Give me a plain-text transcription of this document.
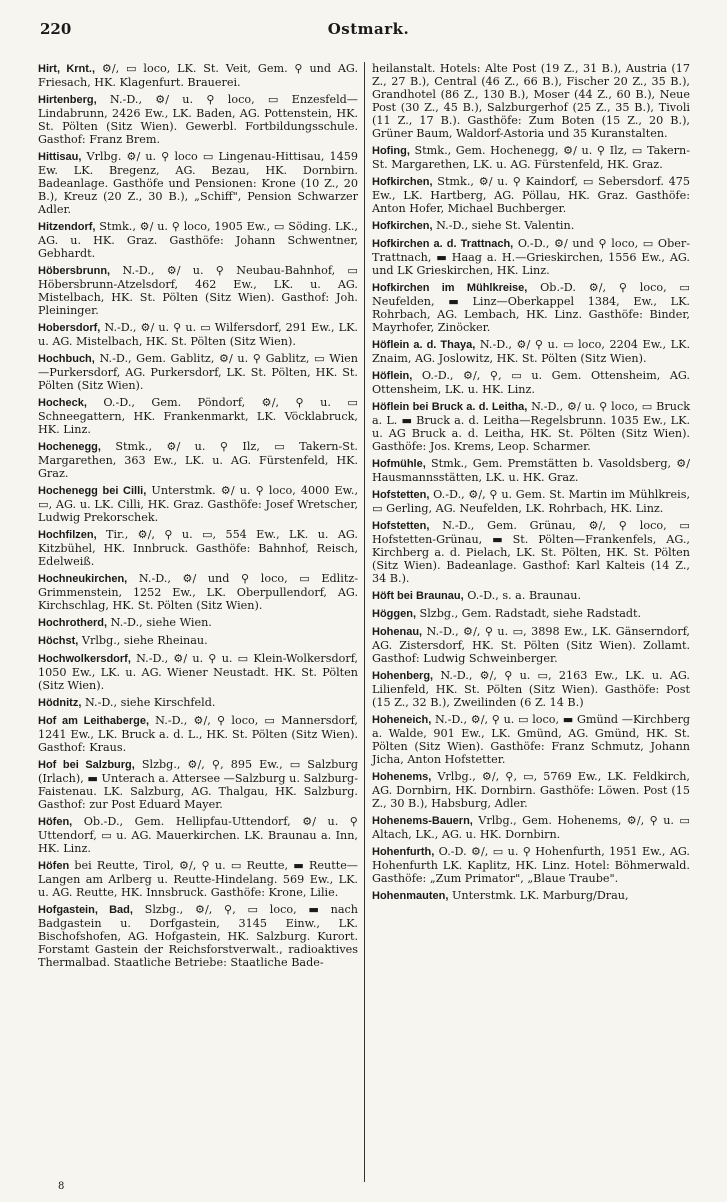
220	Ostmark.

Hirt, Krnt., ⚙/, ▭ loco, LK. St. Veit, Gem. ⚲ und AG. Friesach, HK. Klagenfurt. Brauerei.

Hirtenberg, N.-D., ⚙/ u. ⚲ loco, ▭ Enzesfeld—Lindabrunn, 2426 Ew., LK. Baden, AG. Pottenstein, HK. St. Pölten (Sitz Wien). Gewerbl. Fortbildungsschule. Gasthof: Franz Brem.

Hittisau, Vrlbg. ⚙/ u. ⚲ loco ▭ Lingenau-Hittisau, 1459 Ew. LK. Bregenz, AG. Bezau, HK. Dornbirn. Badeanlage. Gasthöfe und Pensionen: Krone (10 Z., 20 B.), Kreuz (20 Z., 30 B.), „Schiff", Pension Schwarzer Adler.

Hitzendorf, Stmk., ⚙/ u. ⚲ loco, 1905 Ew., ▭ Söding. LK., AG. u. HK. Graz. Gasthöfe: Johann Schwentner, Gebhardt.

Höbersbrunn, N.-D., ⚙/ u. ⚲ Neubau-Bahnhof, ▭ Höbersbrunn-Atzelsdorf, 462 Ew., LK. u. AG. Mistelbach, HK. St. Pölten (Sitz Wien). Gasthof: Joh. Pleininger.

Hobersdorf, N.-D., ⚙/ u. ⚲ u. ▭ Wilfersdorf, 291 Ew., LK. u. AG. Mistelbach, HK. St. Pölten (Sitz Wien).

Hochbuch, N.-D., Gem. Gablitz, ⚙/ u. ⚲ Gablitz, ▭ Wien—Purkersdorf, AG. Purkersdorf, LK. St. Pölten, HK. St. Pölten (Sitz Wien).

Hocheck, O.-D., Gem. Pöndorf, ⚙/, ⚲ u. ▭ Schneegattern, HK. Frankenmarkt, LK. Vöcklabruck, HK. Linz.

Hochenegg, Stmk., ⚙/ u. ⚲ Ilz, ▭ Takern-St. Margarethen, 363 Ew., LK. u. AG. Fürstenfeld, HK. Graz.

Hochenegg bei Cilli, Unterstmk. ⚙/ u. ⚲ loco, 4000 Ew., ▭, AG. u. LK. Cilli, HK. Graz. Gasthöfe: Josef Wretscher, Ludwig Prekorschek.

Hochfilzen, Tir., ⚙/, ⚲ u. ▭, 554 Ew., LK. u. AG. Kitzbühel, HK. Innbruck. Gasthöfe: Bahnhof, Reisch, Edelweiß.

Hochneukirchen, N.-D., ⚙/ und ⚲ loco, ▭ Edlitz-Grimmenstein, 1252 Ew., LK. Oberpullendorf, AG. Kirchschlag, HK. St. Pölten (Sitz Wien).

Hochrotherd, N.-D., siehe Wien.

Höchst, Vrlbg., siehe Rheinau.

Hochwolkersdorf, N.-D., ⚙/ u. ⚲ u. ▭ Klein-Wolkersdorf, 1050 Ew., LK. u. AG. Wiener Neustadt. HK. St. Pölten (Sitz Wien).

Hödnitz, N.-D., siehe Kirschfeld.

Hof am Leithaberge, N.-D., ⚙/, ⚲ loco, ▭ Mannersdorf, 1241 Ew., LK. Bruck a. d. L., HK. St. Pölten (Sitz Wien). Gasthof: Kraus.

Hof bei Salzburg, Slzbg., ⚙/, ⚲, 895 Ew., ▭ Salzburg (Irlach), ▬ Unterach a. Attersee —Salzburg u. Salzburg-Faistenau. LK. Salzburg, AG. Thalgau, HK. Salzburg. Gasthof: zur Post Eduard Mayer.

Höfen, Ob.-D., Gem. Hellipfau-Uttendorf, ⚙/ u. ⚲ Uttendorf, ▭ u. AG. Mauerkirchen. LK. Braunau a. Inn, HK. Linz.

Höfen bei Reutte, Tirol, ⚙/, ⚲ u. ▭ Reutte, ▬ Reutte—Langen am Arlberg u. Reutte-Hindelang. 569 Ew., LK. u. AG. Reutte, HK. Innsbruck. Gasthöfe: Krone, Lilie.

Hofgastein, Bad, Slzbg., ⚙/, ⚲, ▭ loco, ▬ nach Badgastein u. Dorfgastein, 3145 Einw., LK. Bischofshofen, AG. Hofgastein, HK. Salzburg. Kurort. Forstamt Gastein der Reichsforstverwalt., radioaktives Thermalbad. Staatliche Betriebe: Staatliche Bade-

heilanstalt. Hotels: Alte Post (19 Z., 31 B.), Austria (17 Z., 27 B.), Central (46 Z., 66 B.), Fischer 20 Z., 35 B.), Grandhotel (86 Z., 130 B.), Moser (44 Z., 60 B.), Neue Post (30 Z., 45 B.), Salzburgerhof (25 Z., 35 B.), Tivoli (11 Z., 17 B.). Gasthöfe: Zum Boten (15 Z., 20 B.), Grüner Baum, Waldorf-Astoria und 35 Kuranstalten.

Hofing, Stmk., Gem. Hochenegg, ⚙/ u. ⚲ Ilz, ▭ Takern-St. Margarethen, LK. u. AG. Fürstenfeld, HK. Graz.

Hofkirchen, Stmk., ⚙/ u. ⚲ Kaindorf, ▭ Sebersdorf. 475 Ew., LK. Hartberg, AG. Pöllau, HK. Graz. Gasthöfe: Anton Hofer, Michael Buchberger.

Hofkirchen, N.-D., siehe St. Valentin.

Hofkirchen a. d. Trattnach, O.-D., ⚙/ und ⚲ loco, ▭ Ober-Trattnach, ▬ Haag a. H.—Grieskirchen, 1556 Ew., AG. und LK Grieskirchen, HK. Linz.

Hofkirchen im Mühlkreise, Ob.-D. ⚙/, ⚲ loco, ▭ Neufelden, ▬ Linz—Oberkappel 1384, Ew., LK. Rohrbach, AG. Lembach, HK. Linz. Gasthöfe: Binder, Mayrhofer, Zinöcker.

Höflein a. d. Thaya, N.-D., ⚙/ ⚲ u. ▭ loco, 2204 Ew., LK. Znaim, AG. Joslowitz, HK. St. Pölten (Sitz Wien).

Höflein, O.-D., ⚙/, ⚲, ▭ u. Gem. Ottensheim, AG. Ottensheim, LK. u. HK. Linz.

Höflein bei Bruck a. d. Leitha, N.-D., ⚙/ u. ⚲ loco, ▭ Bruck a. L. ▬ Bruck a. d. Leitha—Regelsbrunn. 1035 Ew., LK. u. AG Bruck a. d. Leitha, HK. St. Pölten (Sitz Wien). Gasthöfe: Jos. Krems, Leop. Scharmer.

Hofmühle, Stmk., Gem. Premstätten b. Vasoldsberg, ⚙/ Hausmannsstätten, LK. u. HK. Graz.

Hofstetten, O.-D., ⚙/, ⚲ u. Gem. St. Martin im Mühlkreis, ▭ Gerling, AG. Neufelden, LK. Rohrbach, HK. Linz.

Hofstetten, N.-D., Gem. Grünau, ⚙/, ⚲ loco, ▭ Hofstetten-Grünau, ▬ St. Pölten—Frankenfels, AG., Kirchberg a. d. Pielach, LK. St. Pölten, HK. St. Pölten (Sitz Wien). Badeanlage. Gasthof: Karl Kalteis (14 Z., 34 B.).

Höft bei Braunau, O.-D., s. a. Braunau.

Höggen, Slzbg., Gem. Radstadt, siehe Radstadt.

Hohenau, N.-D., ⚙/, ⚲ u. ▭, 3898 Ew., LK. Gänserndorf, AG. Zistersdorf, HK. St. Pölten (Sitz Wien). Zollamt. Gasthof: Ludwig Schweinberger.

Hohenberg, N.-D., ⚙/, ⚲ u. ▭, 2163 Ew., LK. u. AG. Lilienfeld, HK. St. Pölten (Sitz Wien). Gasthöfe: Post (15 Z., 32 B.), Zweilinden (6 Z. 14 B.)

Hoheneich, N.-D., ⚙/, ⚲ u. ▭ loco, ▬ Gmünd —Kirchberg a. Walde, 901 Ew., LK. Gmünd, AG. Gmünd, HK. St. Pölten (Sitz Wien). Gasthöfe: Franz Schmutz, Johann Jicha, Anton Hofstetter.

Hohenems, Vrlbg., ⚙/, ⚲, ▭, 5769 Ew., LK. Feldkirch, AG. Dornbirn, HK. Dornbirn. Gasthöfe: Löwen. Post (15 Z., 30 B.), Habsburg, Adler.

Hohenems-Bauern, Vrlbg., Gem. Hohenems, ⚙/, ⚲ u. ▭ Altach, LK., AG. u. HK. Dornbirn.

Hohenfurth, O.-D. ⚙/, ▭ u. ⚲ Hohenfurth, 1951 Ew., AG. Hohenfurth LK. Kaplitz, HK. Linz. Hotel: Böhmerwald. Gasthöfe: „Zum Primator", „Blaue Traube".

Hohenmauten, Unterstmk. LK. Marburg/Drau,

8
